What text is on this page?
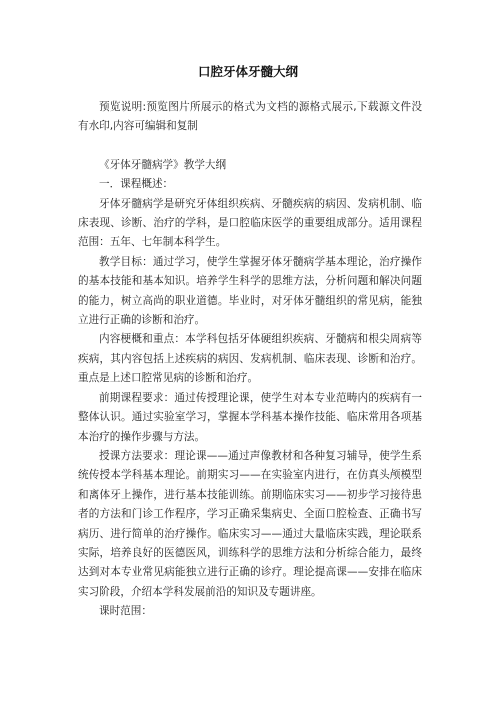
口腔牙体牙髓大纲

预览说明:预览图片所展示的格式为文档的源格式展示,下载源文件没有水印,内容可编辑和复制

《牙体牙髓病学》教学大纲

一．课程概述：

牙体牙髓病学是研究牙体组织疾病、牙髓疾病的病因、发病机制、临床表现、诊断、治疗的学科，是口腔临床医学的重要组成部分。适用课程范围：五年、七年制本科学生。

教学目标：通过学习，使学生掌握牙体牙髓病学基本理论，治疗操作的基本技能和基本知识。培养学生科学的思维方法，分析问题和解决问题的能力，树立高尚的职业道德。毕业时，对牙体牙髓组织的常见病，能独立进行正确的诊断和治疗。

内容梗概和重点：本学科包括牙体硬组织疾病、牙髓病和根尖周病等疾病，其内容包括上述疾病的病因、发病机制、临床表现、诊断和治疗。重点是上述口腔常见病的诊断和治疗。

前期课程要求：通过传授理论课，使学生对本专业范畴内的疾病有一整体认识。通过实验室学习，掌握本学科基本操作技能、临床常用各项基本治疗的操作步骤与方法。

授课方法要求：理论课——通过声像教材和各种复习辅导，使学生系统传授本学科基本理论。前期实习——在实验室内进行，在仿真头颅模型和离体牙上操作，进行基本技能训练。前期临床实习——初步学习接待患者的方法和门诊工作程序，学习正确采集病史、全面口腔检查、正确书写病历、进行简单的治疗操作。临床实习——通过大量临床实践，理论联系实际，培养良好的医德医风，训练科学的思维方法和分析综合能力，最终达到对本专业常见病能独立进行正确的诊疗。理论提高课——安排在临床实习阶段，介绍本学科发展前沿的知识及专题讲座。

课时范围：
